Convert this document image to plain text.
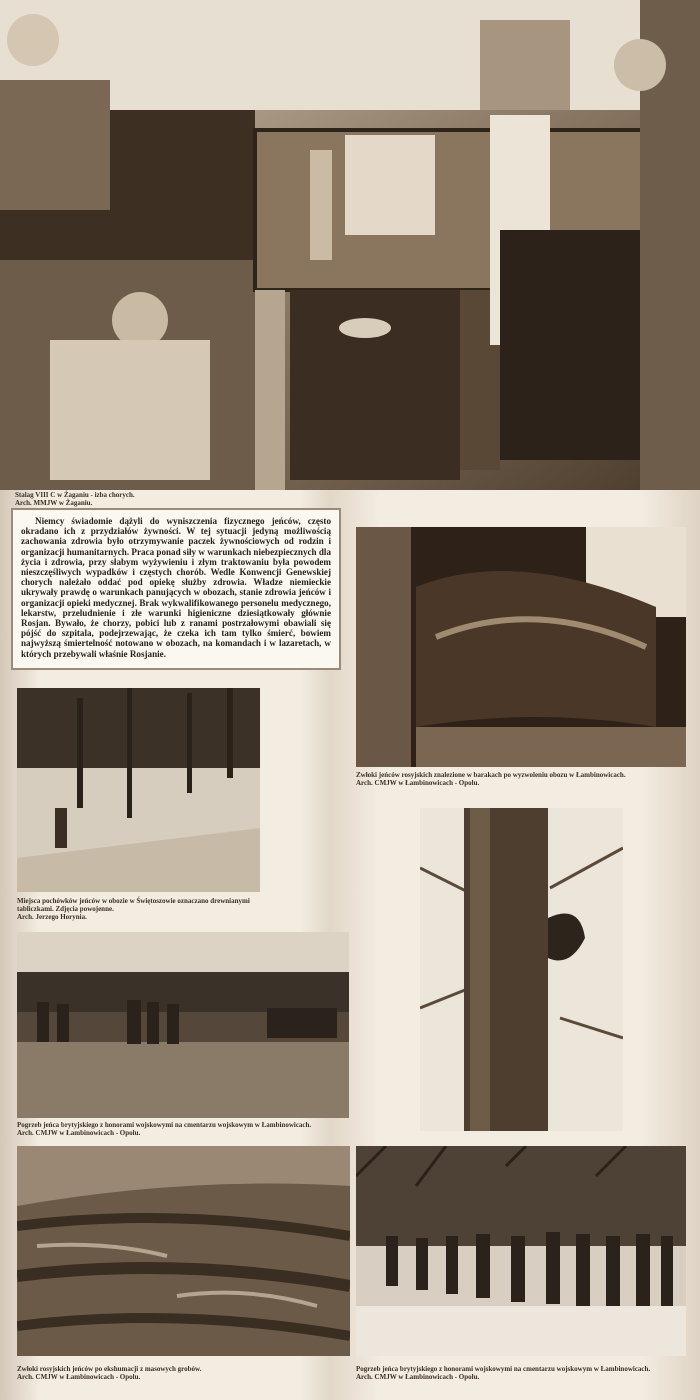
Stalag VIII C w Żaganiu - izba chorych.
Arch. MMJW w Żaganiu.

Niemcy świadomie dążyli do wyniszczenia fizycznego jeńców, często okradano ich z przydziałów żywności. W tej sytuacji jedyną możliwością zachowania zdrowia było otrzymywanie paczek żywnościowych od rodzin i organizacji humanitarnych. Praca ponad siły w warunkach niebezpiecznych dla życia i zdrowia, przy słabym wyżywieniu i złym traktowaniu była powodem nieszczęśliwych wypadków i częstych chorób. Wedle Konwencji Genewskiej chorych należało oddać pod opiekę służby zdrowia. Władze niemieckie ukrywały prawdę o warunkach panujących w obozach, stanie zdrowia jeńców i organizacji opieki medycznej. Brak wykwalifikowanego personelu medycznego, lekarstw, przeludnienie i złe warunki higieniczne dziesiątkowały głównie Rosjan. Bywało, że chorzy, pobici lub z ranami postrzałowymi obawiali się pójść do szpitala, podejrzewając, że czeka ich tam tylko śmierć, bowiem najwyższą śmiertelność notowano w obozach, na komandach i w lazaretach, w których przebywali właśnie Rosjanie.

Zwłoki jeńców rosyjskich znalezione w barakach po wyzwoleniu obozu w Łambinowicach.
Arch. CMJW w Łambinowicach - Opolu.
Miejsca pochówków jeńców w obozie w Świętoszowie oznaczano drewnianymi
tabliczkami. Zdjęcia powojenne.
Arch. Jerzego Horynia.
Pogrzeb jeńca brytyjskiego z honorami wojskowymi na cmentarzu wojskowym w Łambinowicach.
Arch. CMJW w Łambinowicach - Opolu.
Zwłoki rosyjskich jeńców po ekshumacji z masowych grobów.
Arch. CMJW w Łambinowicach - Opolu.
Pogrzeb jeńca brytyjskiego z honorami wojskowymi na cmentarzu wojskowym w Łambinowicach.
Arch. CMJW w Łambinowicach - Opolu.
